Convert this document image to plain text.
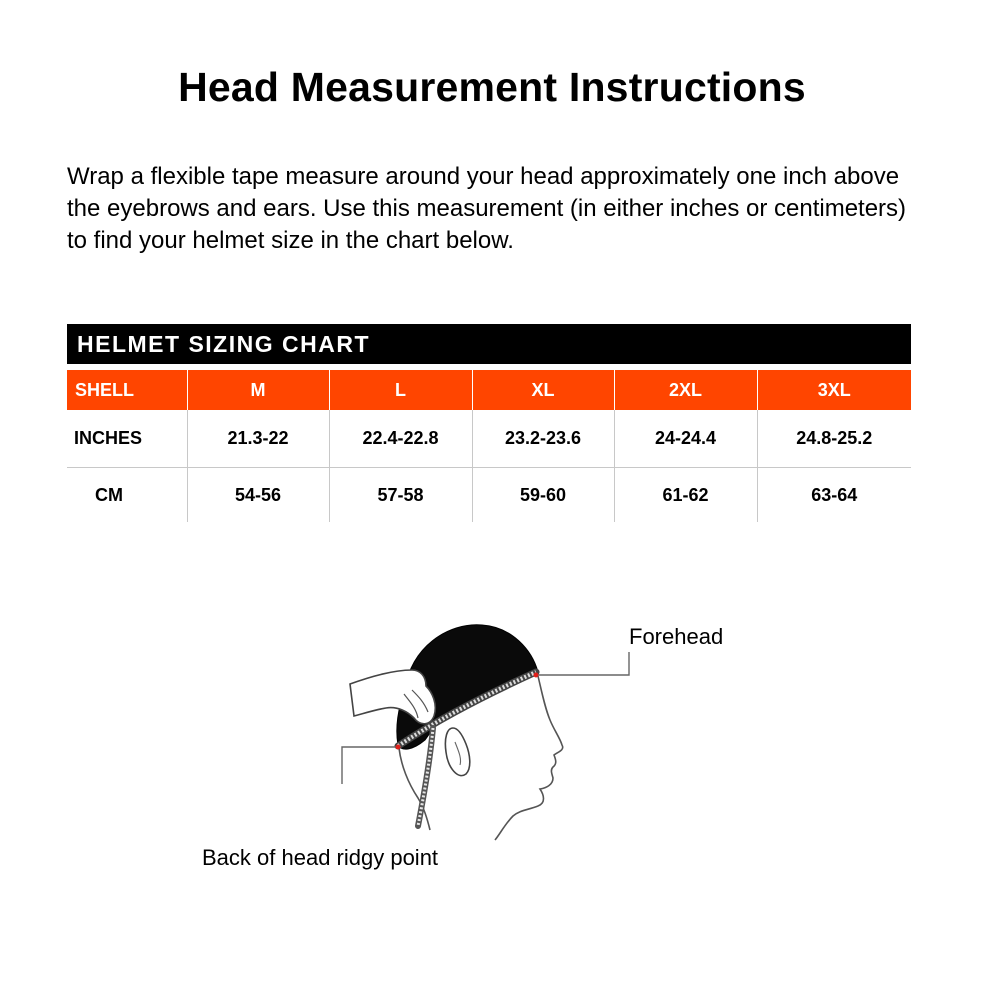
Head Measurement Instructions
Wrap a flexible tape measure around your head approximately one inch above the eyebrows and ears. Use this measurement (in either inches or centimeters) to find your helmet size in the chart below.
HELMET SIZING CHART
SHELL	M	L	XL	2XL	3XL
INCHES	21.3-22	22.4-22.8	23.2-23.6	24-24.4	24.8-25.2
CM	54-56	57-58	59-60	61-62	63-64
Forehead
Back of head ridgy point
